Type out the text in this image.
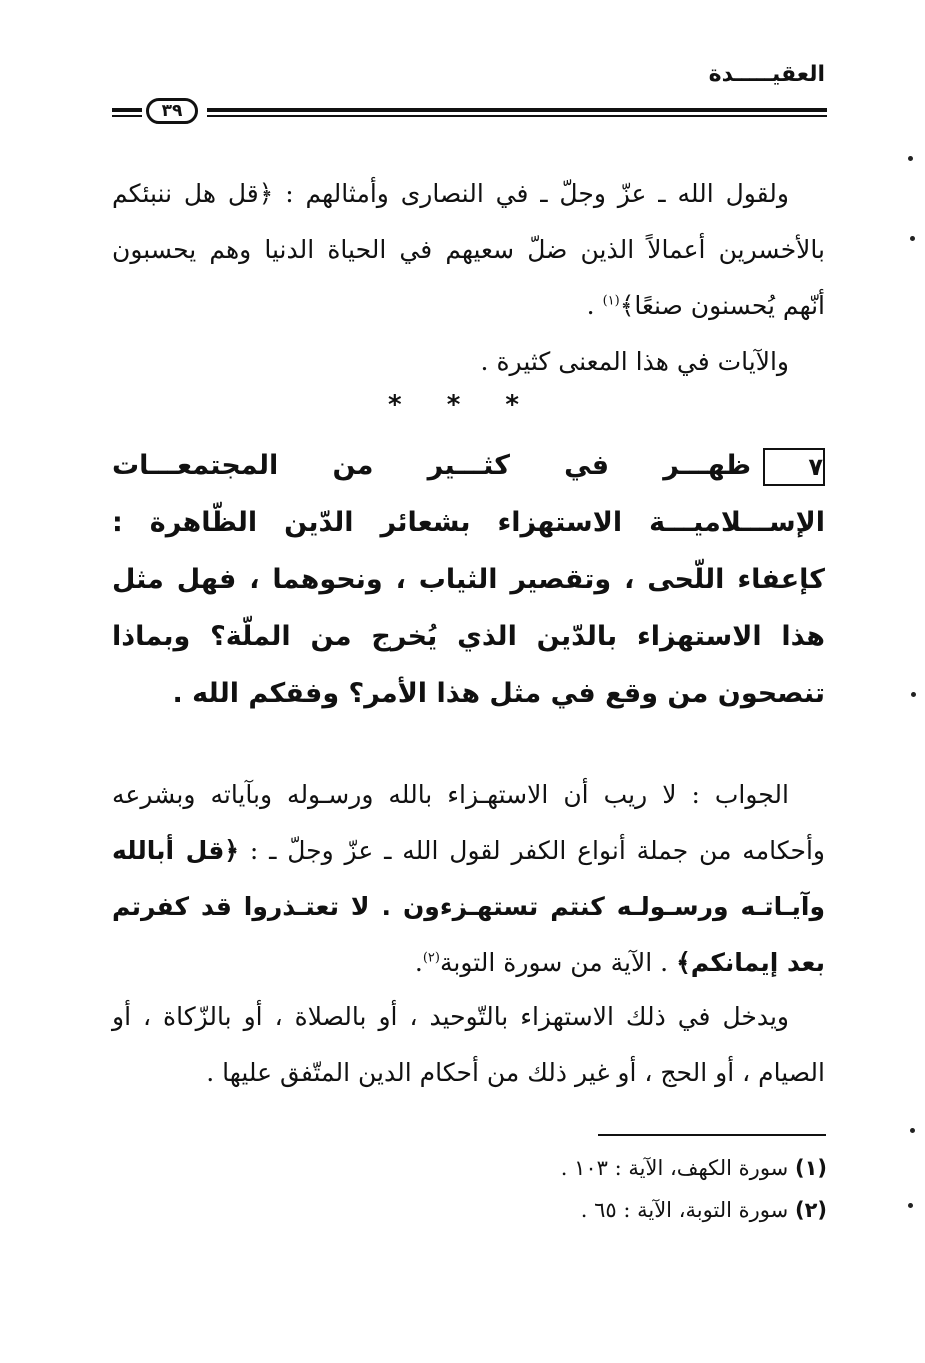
العقيـــــدة
٣٩

ولقول الله ـ عزّ وجلّ ـ في النصارى وأمثالهم : ﴿قل هل ننبئكم بالأخسرين أعمالاً الذين ضلّ سعيهم في الحياة الدنيا وهم يحسبون أنّهم يُحسنون صنعًا﴾$^{(١)}$ .

والآيات في هذا المعنى كثيرة .

* * *

٧ظهـــر في كثـــير من المجتمعـــات الإســـلاميـــة الاستهزاء بشعائر الدّين الظّاهرة : كإعفاء اللّحى ، وتقصير الثياب ، ونحوهما ، فهل مثل هذا الاستهزاء بالدّين الذي يُخرج من الملّة؟ وبماذا تنصحون من وقع في مثل هذا الأمر؟ وفقكم الله .

الجواب : لا ريب أن الاستهـزاء بالله ورسـوله وبآياته وبشرعه وأحكامه من جملة أنواع الكفر لقول الله ـ عزّ وجلّ ـ : ﴿قل أبالله وآيـاتـه ورسـولـه كنتم تستهـزءون . لا تعتـذروا قد كفرتم بعد إيمانكم﴾ . الآية من سورة التوبة$^{(٢)}$.

ويدخل في ذلك الاستهزاء بالتّوحيد ، أو بالصلاة ، أو بالزّكاة ، أو الصيام ، أو الحج ، أو غير ذلك من أحكام الدين المتّفق عليها .

(١) سورة الكهف، الآية : ١٠٣ .

(٢) سورة التوبة، الآية : ٦٥ .
